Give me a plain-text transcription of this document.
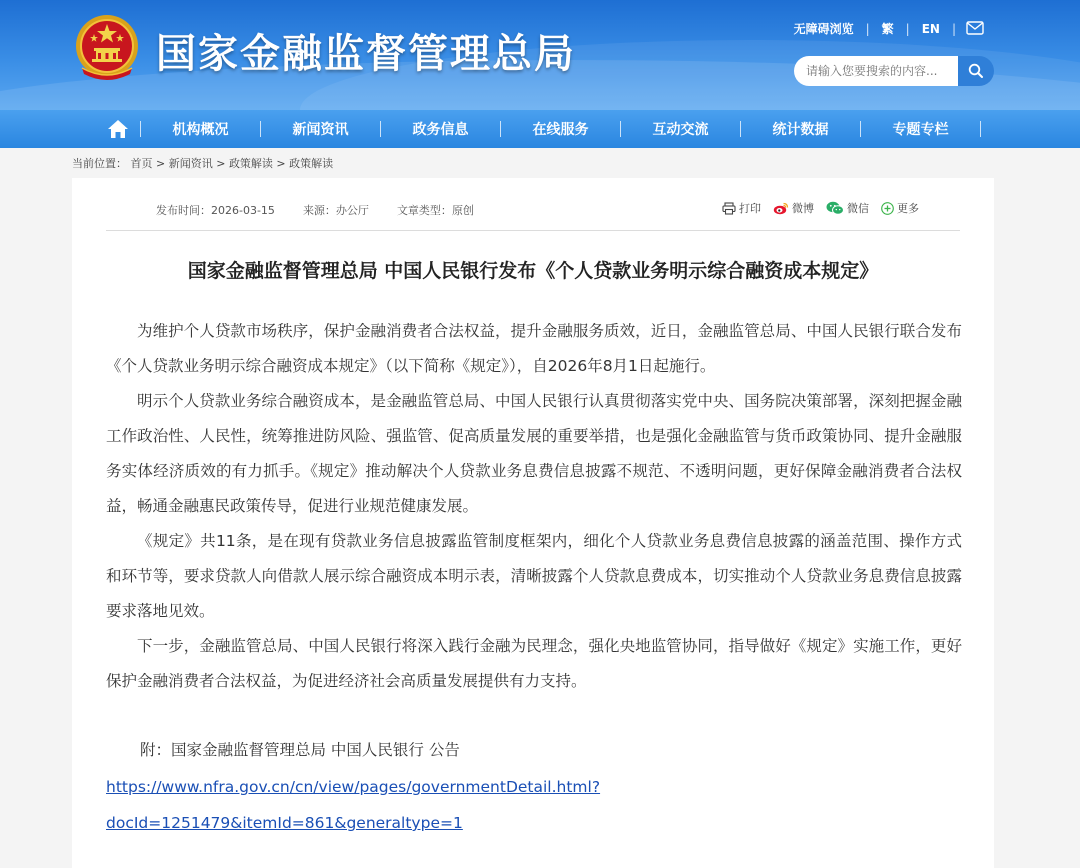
国家金融监督管理总局
无障碍浏览 | 繁 | EN |
请输入您要搜索的内容...
机构概况	新闻资讯	政务信息	在线服务	互动交流	统计数据	专题专栏
当前位置： 首页 > 新闻资讯 > 政策解读 > 政策解读
发布时间：2026-03-15	来源：办公厅	文章类型：原创	打印	微博	微信	更多
国家金融监督管理总局 中国人民银行发布《个人贷款业务明示综合融资成本规定》

为维护个人贷款市场秩序，保护金融消费者合法权益，提升金融服务质效，近日，金融监管总局、中国人民银行联合发布《个人贷款业务明示综合融资成本规定》（以下简称《规定》），自2026年8月1日起施行。

明示个人贷款业务综合融资成本，是金融监管总局、中国人民银行认真贯彻落实党中央、国务院决策部署，深刻把握金融工作政治性、人民性，统筹推进防风险、强监管、促高质量发展的重要举措，也是强化金融监管与货币政策协同、提升金融服务实体经济质效的有力抓手。《规定》推动解决个人贷款业务息费信息披露不规范、不透明问题，更好保障金融消费者合法权益，畅通金融惠民政策传导，促进行业规范健康发展。

《规定》共11条，是在现有贷款业务信息披露监管制度框架内，细化个人贷款业务息费信息披露的涵盖范围、操作方式和环节等，要求贷款人向借款人展示综合融资成本明示表，清晰披露个人贷款息费成本，切实推动个人贷款业务息费信息披露要求落地见效。

下一步，金融监管总局、中国人民银行将深入践行金融为民理念，强化央地监管协同，指导做好《规定》实施工作，更好保护金融消费者合法权益，为促进经济社会高质量发展提供有力支持。

附：国家金融监督管理总局 中国人民银行 公告
https://www.nfra.gov.cn/cn/view/pages/governmentDetail.html?
docId=1251479&itemId=861&generaltype=1
